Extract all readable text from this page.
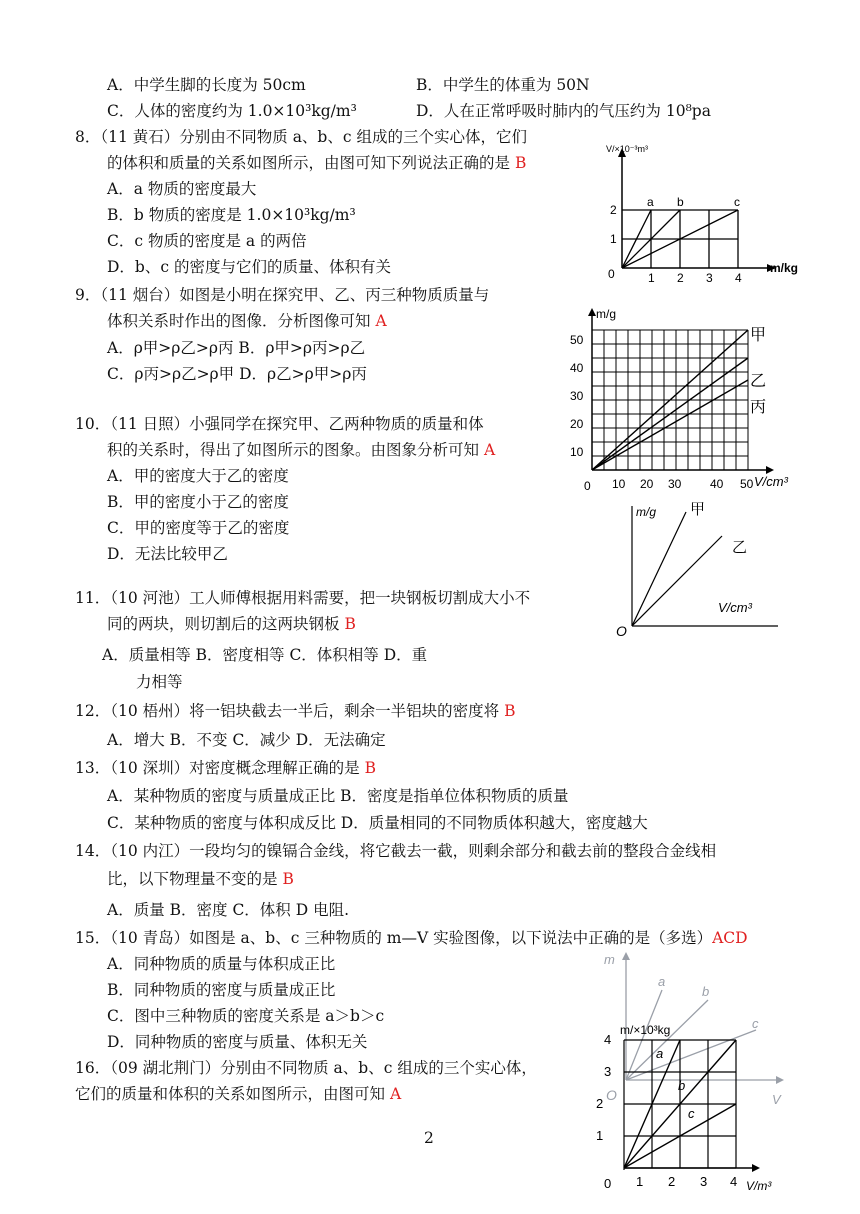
A．中学生脚的长度为 50cm	B．中学生的体重为 50N
C．人体的密度约为 1.0×10³kg/m³	D．人在正常呼吸时肺内的气压约为 10⁸pa
8．（11 黄石）分别由不同物质 a、b、c 组成的三个实心体，它们
的体积和质量的关系如图所示，由图可知下列说法正确的是 B
A．a 物质的密度最大
B．b 物质的密度是 1.0×10³kg/m³
C．c 物质的密度是 a 的两倍
D．b、c 的密度与它们的质量、体积有关
9．（11 烟台）如图是小明在探究甲、乙、丙三种物质质量与
体积关系时作出的图像．分析图像可知 A
A．ρ甲>ρ乙>ρ丙 B．ρ甲>ρ丙>ρ乙
C．ρ丙>ρ乙>ρ甲 D．ρ乙>ρ甲>ρ丙
10．（11 日照）小强同学在探究甲、乙两种物质的质量和体
积的关系时，得出了如图所示的图象。由图象分析可知 A
A．甲的密度大于乙的密度
B．甲的密度小于乙的密度
C．甲的密度等于乙的密度
D．无法比较甲乙
11．（10 河池）工人师傅根据用料需要，把一块钢板切割成大小不
同的两块，则切割后的这两块钢板 B
A．质量相等 B．密度相等 C．体积相等 D．重
力相等
12．（10 梧州）将一铝块截去一半后，剩余一半铝块的密度将 B
A．增大 B．不变 C．减少 D．无法确定
13．（10 深圳）对密度概念理解正确的是 B
A．某种物质的密度与质量成正比 B．密度是指单位体积物质的质量
C．某种物质的密度与体积成反比 D．质量相同的不同物质体积越大，密度越大
14．（10 内江）一段均匀的镍镉合金线，将它截去一截，则剩余部分和截去前的整段合金线相
比，以下物理量不变的是 B
A．质量 B．密度 C．体积 D 电阻.
15．（10 青岛）如图是 a、b、c 三种物质的 m—V 实验图像，以下说法中正确的是（多选）ACD
A．同种物质的质量与体积成正比
B．同种物质的密度与质量成正比
C．图中三种物质的密度关系是 a＞b＞c
D．同种物质的密度与质量、体积无关
16．（09 湖北荆门）分别由不同物质 a、b、c 组成的三个实心体，
它们的质量和体积的关系如图所示，由图可知 A
V/×10⁻³m³
m/kg
2
1
0	1 2 3 4
a b	c
m/g
V/cm³
甲
乙
丙
50
40
30
20
10
0 10 20 30 40 50
m/g 甲
乙
V/cm³
O
m
V
a
b
c
O
m/×10³kg
4
3
2
1
0 1 2 3 4 V/m³
a
b
c
2
